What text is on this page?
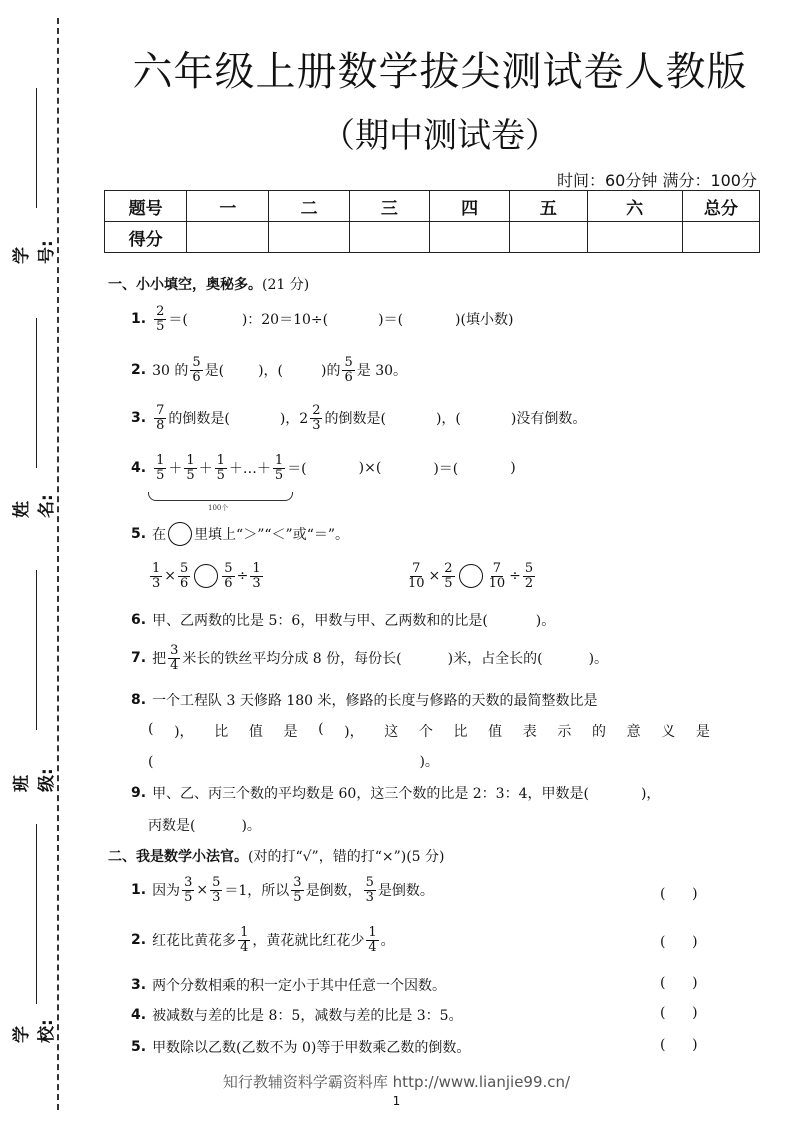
学号:
姓名:
班级:
学校:
六年级上册数学拔尖测试卷人教版
（期中测试卷）
时间：60分钟 满分：100分
题号	一	二	三	四	五	六	总分
得分							
一、小小填空，奥秘多。(21 分)
1. $\frac{2}{5}$ ＝(	)：20＝10÷(	)＝(	)(填小数)
2. 30 的 $\frac{5}{6}$ 是( )，(	)的 $\frac{5}{6}$ 是 30。
3. $\frac{7}{8}$ 的倒数是(	)，$2 \frac{2}{3}$ 的倒数是(	)，(	)没有倒数。
4. $\frac{1}{5} + \frac{1}{5} + \frac{1}{5}$ ＋…＋ $\frac{1}{5}$ ＝(	)×(	)＝(	)
100个
5. 在 里填上“＞”“＜”或“＝”。
$\frac{1}{3} \times \frac{5}{6} \frac{5}{6} \div \frac{1}{3}$	$\frac{7}{10} \times \frac{2}{5} \frac{7}{10} \div \frac{5}{2}$
6. 甲、乙两数的比是 5：6，甲数与甲、乙两数和的比是(	)。
7. 把 $\frac{3}{4}$ 米长的铁丝平均分成 8 份，每份长(	)米，占全长的(	)。
8. 一个工程队 3 天修路 180 米，修路的长度与修路的天数的最简整数比是
( )， 比 值 是 ( )， 这 个 比 值 表 示 的 意 义 是
(	)。
9. 甲、乙、丙三个数的平均数是 60，这三个数的比是 2：3：4，甲数是(	)，
丙数是(	)。
二、我是数学小法官。(对的打“√”，错的打“×”)(5 分)
1. 因为 $\frac{3}{5} \times \frac{5}{3} =1$，所以 $\frac{3}{5}$ 是倒数， $\frac{5}{3}$ 是倒数。	(      )
2. 红花比黄花多 $\frac{1}{4}$ ，黄花就比红花少 $\frac{1}{4}$ 。	(      )
3. 两个分数相乘的积一定小于其中任意一个因数。	(      )
4. 被减数与差的比是 8：5，减数与差的比是 3：5。	(      )
5. 甲数除以乙数(乙数不为 0)等于甲数乘乙数的倒数。	(      )
知行教辅资料学霸资料库 http://www.lianjie99.cn/
1
